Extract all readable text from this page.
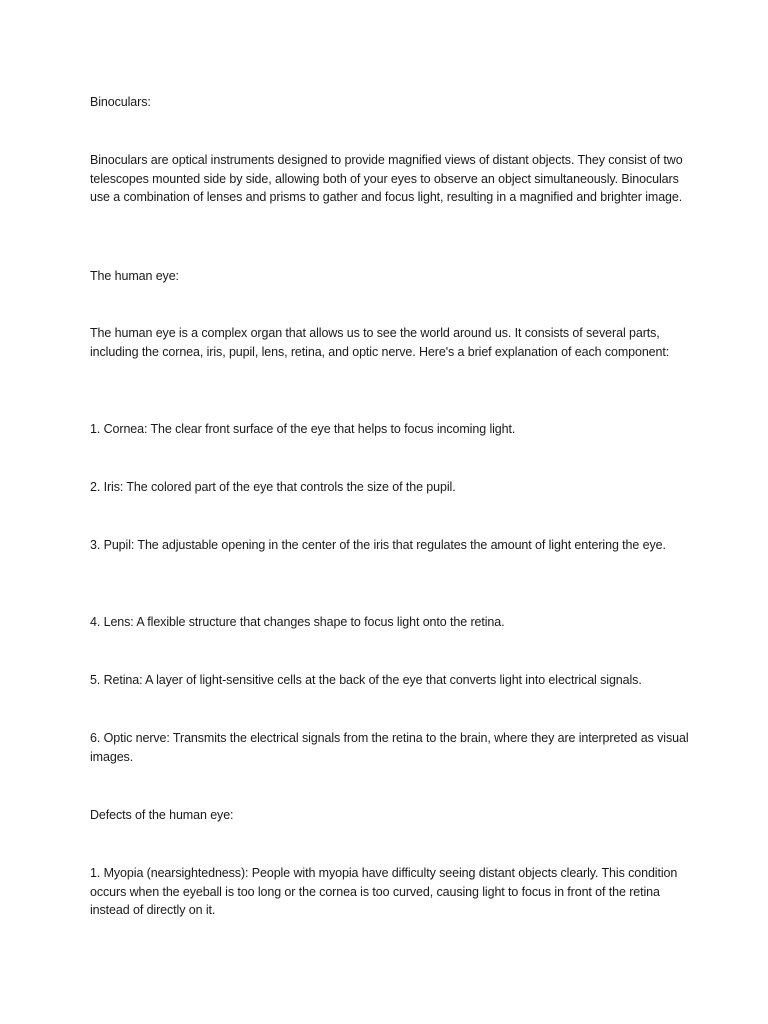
Binoculars:

Binoculars are optical instruments designed to provide magnified views of distant objects. They consist of two telescopes mounted side by side, allowing both of your eyes to observe an object simultaneously. Binoculars use a combination of lenses and prisms to gather and focus light, resulting in a magnified and brighter image.

The human eye:

The human eye is a complex organ that allows us to see the world around us. It consists of several parts, including the cornea, iris, pupil, lens, retina, and optic nerve. Here's a brief explanation of each component:

1. Cornea: The clear front surface of the eye that helps to focus incoming light.

2. Iris: The colored part of the eye that controls the size of the pupil.

3. Pupil: The adjustable opening in the center of the iris that regulates the amount of light entering the eye.

4. Lens: A flexible structure that changes shape to focus light onto the retina.

5. Retina: A layer of light-sensitive cells at the back of the eye that converts light into electrical signals.

6. Optic nerve: Transmits the electrical signals from the retina to the brain, where they are interpreted as visual images.

Defects of the human eye:

1. Myopia (nearsightedness): People with myopia have difficulty seeing distant objects clearly. This condition occurs when the eyeball is too long or the cornea is too curved, causing light to focus in front of the retina instead of directly on it.
